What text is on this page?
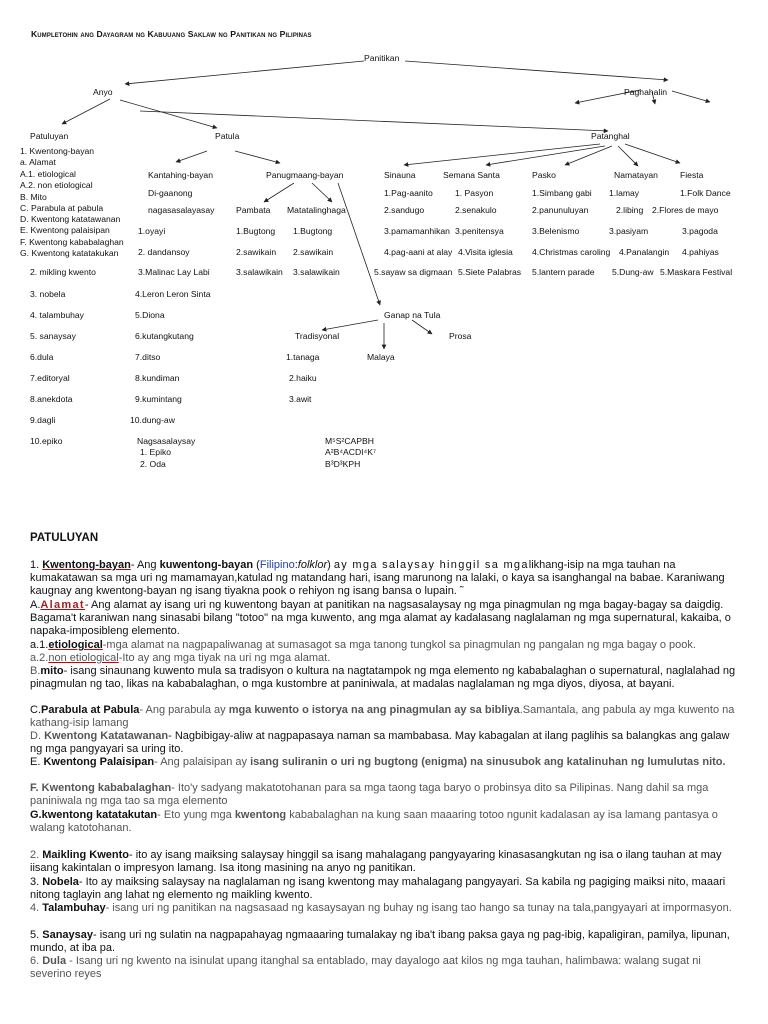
Kumpletohin ang Dayagram ng Kabuuang Saklaw ng Panitikan ng Pilipinas
Panitikan
Anyo	Paghahalin
Patuluyan	Patula	Patanghal
1. Kwentong-bayan
a. Alamat
A.1. etiological
A.2. non etiological
B. Mito
C. Parabula at pabula
D. Kwentong katatawanan
E. Kwentong palaisipan
F. Kwentong kababalaghan
G. Kwentong katatakukan
2. mikling kwento
3. nobela
4. talambuhay
5. sanaysay
6.dula
7.editoryal
8.anekdota
9.dagli
10.epiko
Kantahing-bayan
Di-gaanong
nagasasalayasay
1.oyayi
2. dandansoy
3.Malinac Lay Labi
4.Leron Leron Sinta
5.Diona
6.kutangkutang
7.ditso
8.kundiman
9.kumintang
10.dung-aw
Nagsasalaysay
1. Epiko
2. Oda
Panugmaang-bayan
Pambata Matatalinghaga
1.Bugtong
2.sawikain
3.salawikain
1.Bugtong
2.sawikain
3.salawikain
Ganap na Tula
Tradisyonal	Prosa
Malaya
1.tanaga
2.haiku
3.awit
M⁵S²CAPBH
A²B⁴ACDI⁴K⁷
B³D³KPH
Sinauna	Semana Santa	Pasko	Namatayan	Fiesta
1.Pag-aanito	1. Pasyon	1.Simbang gabi 1.lamay	1.Folk Dance
2.sandugo	2.senakulo	2.panunuluyan	2.libing 2.Flores de mayo
3.pamamanhikan 3.penitensya	3.Belenismo	3.pasiyam	3.pagoda
4.pag-aani at alay 4.Visita iglesia 4.Christmas caroling 4.Panalangin 4.pahiyas
5.sayaw sa digmaan 5.Siete Palabras 5.lantern parade 5.Dung-aw 5.Maskara Festival
PATULUYAN
1. Kwentong-bayan- Ang kuwentong-bayan (Filipino:folklor) ay mga salaysay hinggil sa mgalikhang-isip na mga tauhan na kumakatawan sa mga uri ng mamamayan,katulad ng matandang hari, isang marunong na lalaki, o kaya sa isanghangal na babae. Karaniwang kaugnay ang kwentong-bayan ng isang tiyakna pook o rehiyon ng isang bansa o lupain. ῀
A.Alamat- Ang alamat ay isang uri ng kuwentong bayan at panitikan na nagsasalaysay ng mga pinagmulan ng mga bagay-bagay sa daigdig. Bagama't karaniwan nang sinasabi bilang "totoo" na mga kuwento, ang mga alamat ay kadalasang naglalaman ng mga supernatural, kakaiba, o napaka-imposibleng elemento.
a.1.etiological-mga alamat na nagpapaliwanag at sumasagot sa mga tanong tungkol sa pinagmulan ng pangalan ng mga bagay o pook.
a.2.non etiological-Ito ay ang mga tiyak na uri ng mga alamat.
B.mito- isang sinaunang kuwento mula sa tradisyon o kultura na nagtatampok ng mga elemento ng kababalaghan o supernatural, naglalahad ng pinagmulan ng tao, likas na kababalaghan, o mga kustombre at paniniwala, at madalas naglalaman ng mga diyos, diyosa, at bayani.
C.Parabula at Pabula- Ang parabula ay mga kuwento o istorya na ang pinagmulan ay sa bibliya.Samantala, ang pabula ay mga kuwento na kathang-isip lamang
D. Kwentong Katatawanan- Nagbibigay-aliw at nagpapasaya naman sa mambabasa. May kabagalan at ilang paglihis sa balangkas ang galaw ng mga pangyayari sa uring ito.
E. Kwentong Palaisipan- Ang palaisipan ay isang suliranin o uri ng bugtong (enigma) na sinusubok ang katalinuhan ng lumulutas nito.
F. Kwentong kababalaghan- Ito'y sadyang makatotohanan para sa mga taong taga baryo o probinsya dito sa Pilipinas. Nang dahil sa mga paniniwala ng mga tao sa mga elemento
G.kwentong katatakutan- Eto yung mga kwentong kababalaghan na kung saan maaaring totoo ngunit kadalasan ay isa lamang pantasya o walang katotohanan.
2. Maikling Kwento- ito ay isang maiksing salaysay hinggil sa isang mahalagang pangyayaring kinasasangkutan ng isa o ilang tauhan at may iisang kakintalan o impresyon lamang. Isa itong masining na anyo ng panitikan.
3. Nobela- Ito ay maiksing salaysay na naglalaman ng isang kwentong may mahalagang pangyayari. Sa kabila ng pagiging maiksi nito, maaari nitong taglayin ang lahat ng elemento ng maikling kwento.
4. Talambuhay- isang uri ng panitikan na nagsasaad ng kasaysayan ng buhay ng isang tao hango sa tunay na tala,pangyayari at impormasyon.
5. Sanaysay- isang uri ng sulatin na nagpapahayag ngmaaaring tumalakay ng iba't ibang paksa gaya ng pag-ibig, kapaligiran, pamilya, lipunan, mundo, at iba pa.
6. Dula - Isang uri ng kwento na isinulat upang itanghal sa entablado, may dayalogo aat kilos ng mga tauhan, halimbawa: walang sugat ni severino reyes
